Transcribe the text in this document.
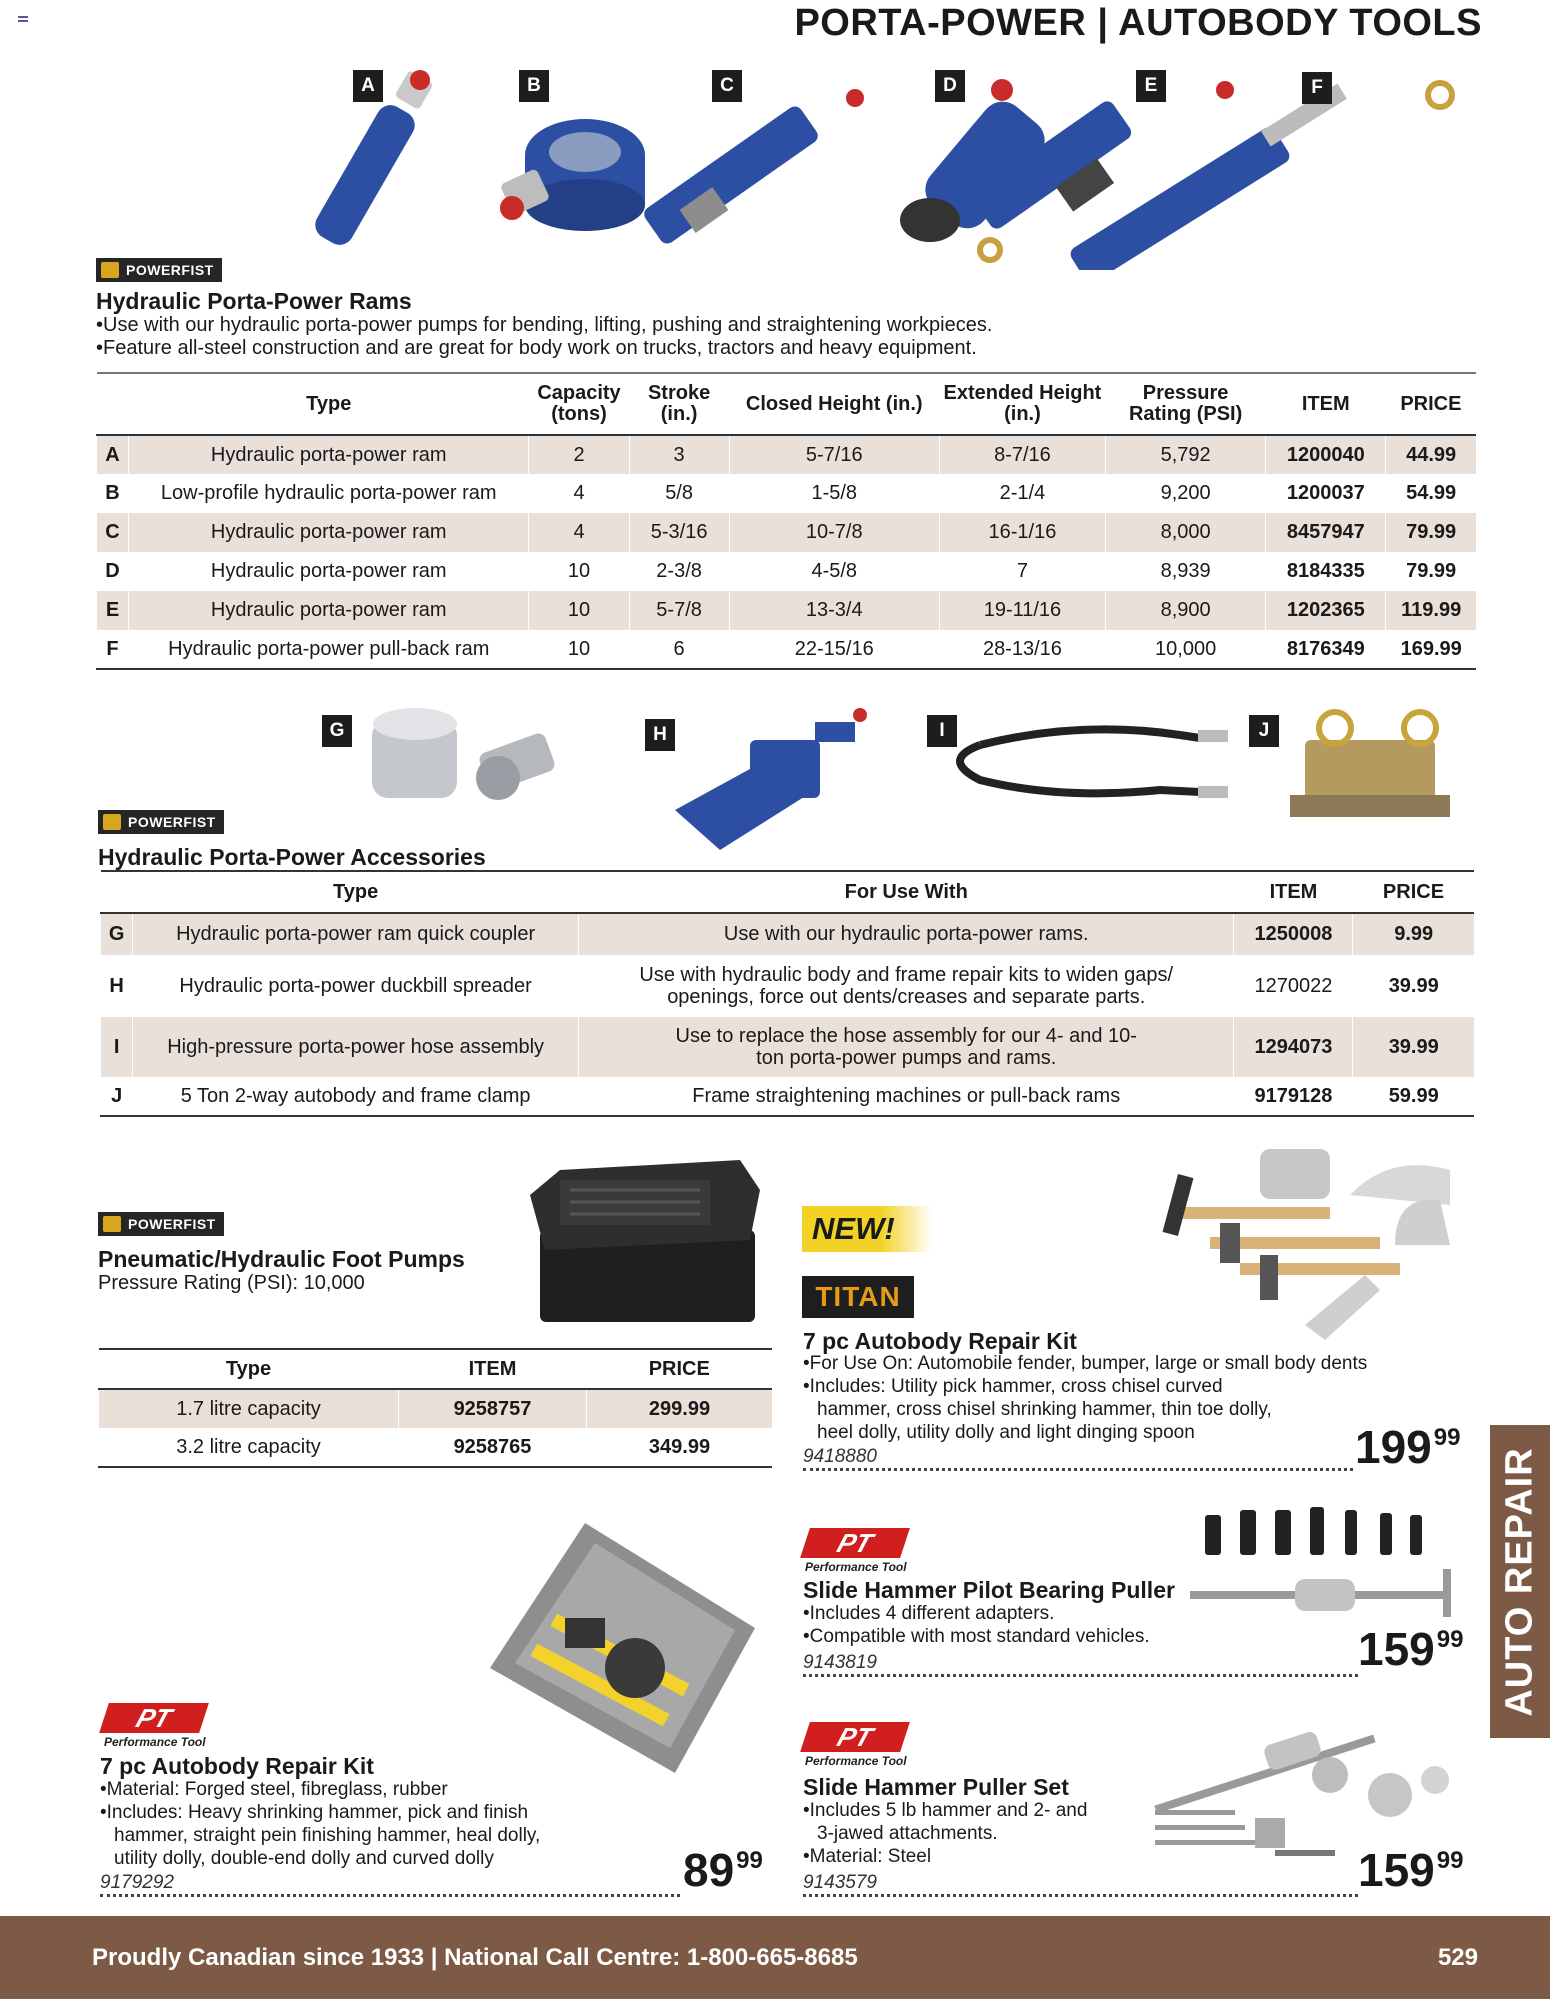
PORTA-POWER | AUTOBODY TOOLS
A	B	C	D	E	F
POWERFIST
Hydraulic Porta-Power Rams
•Use with our hydraulic porta-power pumps for bending, lifting, pushing and straightening workpieces.
•Feature all-steel construction and are great for body work on trucks, tractors and heavy equipment.
	Type	Capacity (tons)	Stroke (in.)	Closed Height (in.)	Extended Height (in.)	Pressure Rating (PSI)	ITEM	PRICE
A	Hydraulic porta-power ram	2	3	5-7/16	8-7/16	5,792	1200040	44.99
B	Low-profile hydraulic porta-power ram	4	5/8	1-5/8	2-1/4	9,200	1200037	54.99
C	Hydraulic porta-power ram	4	5-3/16	10-7/8	16-1/16	8,000	8457947	79.99
D	Hydraulic porta-power ram	10	2-3/8	4-5/8	7	8,939	8184335	79.99
E	Hydraulic porta-power ram	10	5-7/8	13-3/4	19-11/16	8,900	1202365	119.99
F	Hydraulic porta-power pull-back ram	10	6	22-15/16	28-13/16	10,000	8176349	169.99
G	H	I	J
POWERFIST
Hydraulic Porta-Power Accessories
	Type	For Use With	ITEM	PRICE
G	Hydraulic porta-power ram quick coupler	Use with our hydraulic porta-power rams.	1250008	9.99
H	Hydraulic porta-power duckbill spreader	Use with hydraulic body and frame repair kits to widen gaps/ openings, force out dents/creases and separate parts.	1270022	39.99
I	High-pressure porta-power hose assembly	Use to replace the hose assembly for our 4- and 10-ton porta-power pumps and rams.	1294073	39.99
J	5 Ton 2-way autobody and frame clamp	Frame straightening machines or pull-back rams	9179128	59.99
POWERFIST
Pneumatic/Hydraulic Foot Pumps
Pressure Rating (PSI): 10,000
Type	ITEM	PRICE
1.7 litre capacity	9258757	299.99
3.2 litre capacity	9258765	349.99
NEW!
TITAN
7 pc Autobody Repair Kit
•For Use On: Automobile fender, bumper, large or small body dents
•Includes: Utility pick hammer, cross chisel curved
hammer, cross chisel shrinking hammer, thin toe dolly,
heel dolly, utility dolly and light dinging spoon
9418880	$199^{99}$
PT
Performance Tool
Slide Hammer Pilot Bearing Puller
•Includes 4 different adapters.
•Compatible with most standard vehicles.
9143819	$159^{99}$
PT
Performance Tool
7 pc Autobody Repair Kit
•Material: Forged steel, fibreglass, rubber
•Includes: Heavy shrinking hammer, pick and finish
hammer, straight pein finishing hammer, heal dolly,
utility dolly, double-end dolly and curved dolly
9179292	$89^{99}$
PT
Performance Tool
Slide Hammer Puller Set
•Includes 5 lb hammer and 2- and
3-jawed attachments.
•Material: Steel
9143579	$159^{99}$
AUTO REPAIR
Proudly Canadian since 1933 | National Call Centre: 1-800-665-8685	529
